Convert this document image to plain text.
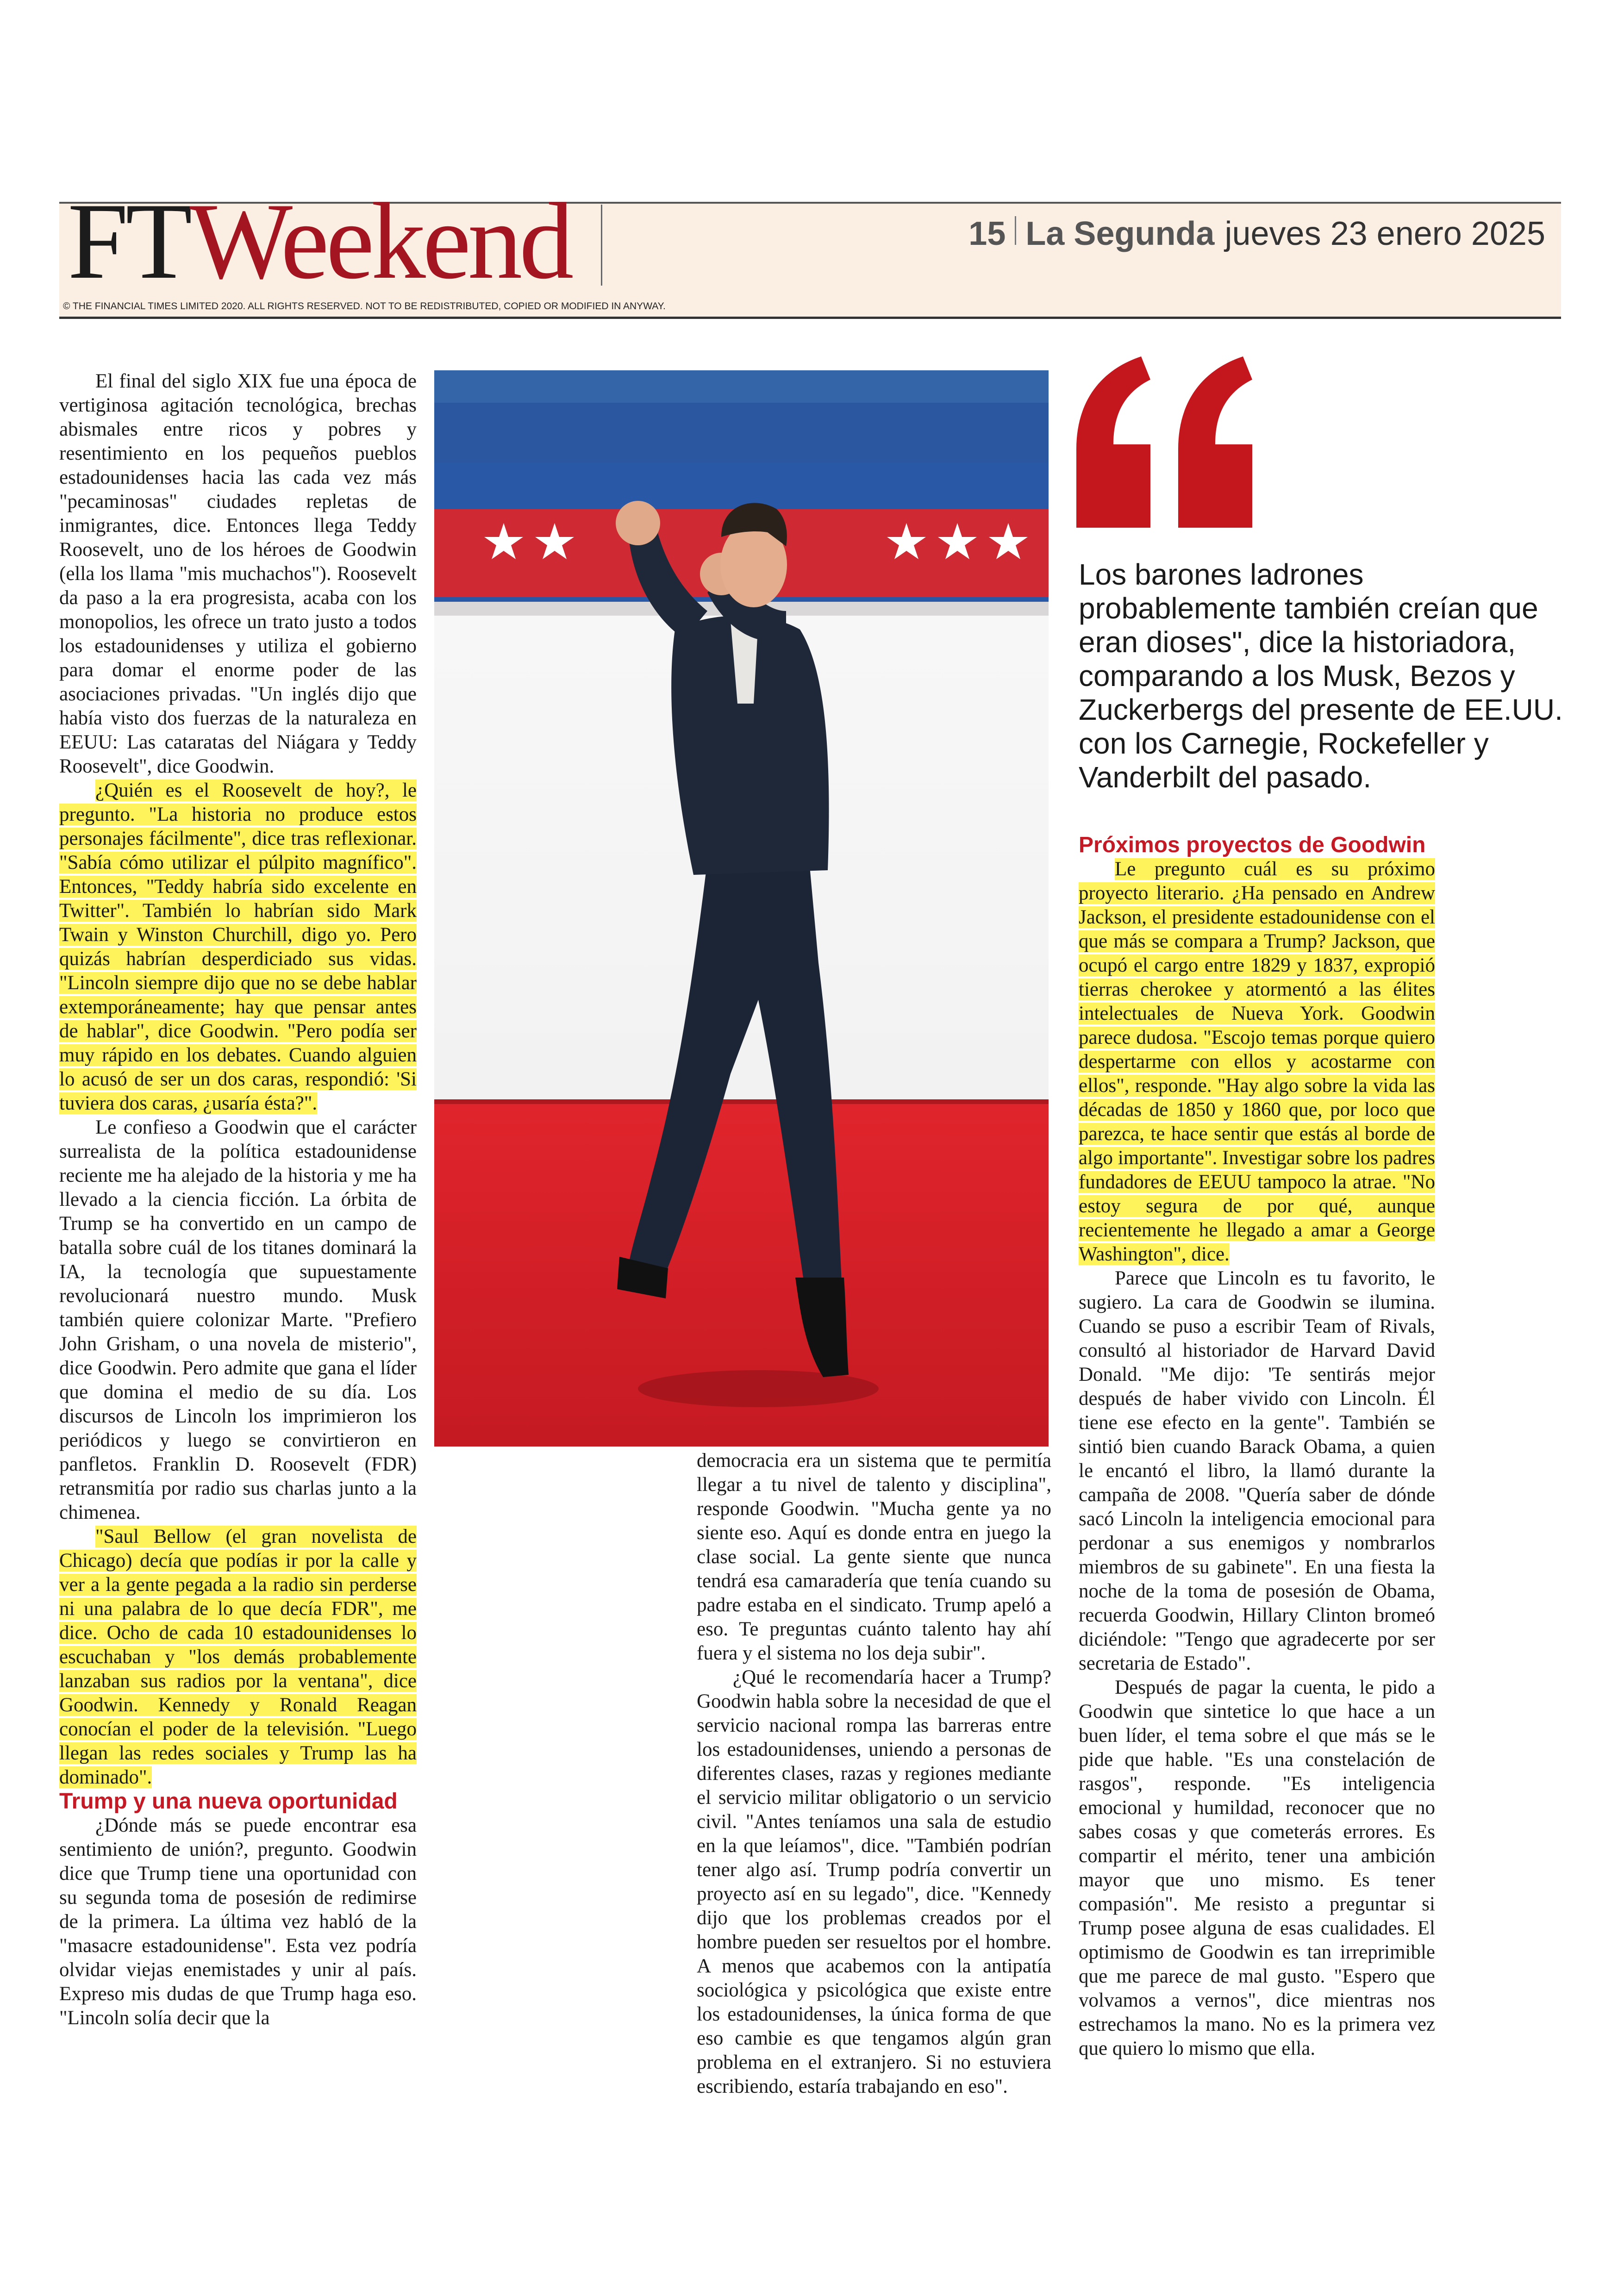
FT Weekend
© THE FINANCIAL TIMES LIMITED 2020. ALL RIGHTS RESERVED. NOT TO BE REDISTRIBUTED, COPIED OR MODIFIED IN ANYWAY.
15 La Segunda jueves 23 enero 2025

El final del siglo XIX fue una época de vertiginosa agitación tecnológica, brechas abismales entre ricos y pobres y resentimiento en los pequeños pueblos estadounidenses hacia las cada vez más "pecaminosas" ciudades repletas de inmigrantes, dice. Entonces llega Teddy Roosevelt, uno de los héroes de Goodwin (ella los llama "mis muchachos"). Roosevelt da paso a la era progresista, acaba con los monopolios, les ofrece un trato justo a todos los estadounidenses y utiliza el gobierno para domar el enorme poder de las asociaciones privadas. "Un inglés dijo que había visto dos fuerzas de la naturaleza en EEUU: Las cataratas del Niágara y Teddy Roosevelt", dice Goodwin.

¿Quién es el Roosevelt de hoy?, le pregunto. "La historia no produce estos personajes fácilmente", dice tras reflexionar. "Sabía cómo utilizar el púlpito magnífico". Entonces, "Teddy habría sido excelente en Twitter". También lo habrían sido Mark Twain y Winston Churchill, digo yo. Pero quizás habrían desperdiciado sus vidas. "Lincoln siempre dijo que no se debe hablar extemporáneamente; hay que pensar antes de hablar", dice Goodwin. "Pero podía ser muy rápido en los debates. Cuando alguien lo acusó de ser un dos caras, respondió: 'Si tuviera dos caras, ¿usaría ésta?".

Le confieso a Goodwin que el carácter surrealista de la política estadounidense reciente me ha alejado de la historia y me ha llevado a la ciencia ficción. La órbita de Trump se ha convertido en un campo de batalla sobre cuál de los titanes dominará la IA, la tecnología que supuestamente revolucionará nuestro mundo. Musk también quiere colonizar Marte. "Prefiero John Grisham, o una novela de misterio", dice Goodwin. Pero admite que gana el líder que domina el medio de su día. Los discursos de Lincoln los imprimieron los periódicos y luego se convirtieron en panfletos. Franklin D. Roosevelt (FDR) retransmitía por radio sus charlas junto a la chimenea.

"Saul Bellow (el gran novelista de Chicago) decía que podías ir por la calle y ver a la gente pegada a la radio sin perderse ni una palabra de lo que decía FDR", me dice. Ocho de cada 10 estadounidenses lo escuchaban y "los demás probablemente lanzaban sus radios por la ventana", dice Goodwin. Kennedy y Ronald Reagan conocían el poder de la televisión. "Luego llegan las redes sociales y Trump las ha dominado".

Trump y una nueva oportunidad

¿Dónde más se puede encontrar esa sentimiento de unión?, pregunto. Goodwin dice que Trump tiene una oportunidad con su segunda toma de posesión de redimirse de la primera. La última vez habló de la "masacre estadounidense". Esta vez podría olvidar viejas enemistades y unir al país. Expreso mis dudas de que Trump haga eso. "Lincoln solía decir que la

Los barones ladrones probablemente también creían que eran dioses", dice la historiadora, comparando a los Musk, Bezos y Zuckerbergs del presente de EE.UU. con los Carnegie, Rockefeller y Vanderbilt del pasado.

democracia era un sistema que te permitía llegar a tu nivel de talento y disciplina", responde Goodwin. "Mucha gente ya no siente eso. Aquí es donde entra en juego la clase social. La gente siente que nunca tendrá esa camaradería que tenía cuando su padre estaba en el sindicato. Trump apeló a eso. Te preguntas cuánto talento hay ahí fuera y el sistema no los deja subir".

¿Qué le recomendaría hacer a Trump? Goodwin habla sobre la necesidad de que el servicio nacional rompa las barreras entre los estadounidenses, uniendo a personas de diferentes clases, razas y regiones mediante el servicio militar obligatorio o un servicio civil. "Antes teníamos una sala de estudio en la que leíamos", dice. "También podrían tener algo así. Trump podría convertir un proyecto así en su legado", dice. "Kennedy dijo que los problemas creados por el hombre pueden ser resueltos por el hombre. A menos que acabemos con la antipatía sociológica y psicológica que existe entre los estadounidenses, la única forma de que eso cambie es que tengamos algún gran problema en el extranjero. Si no estuviera escribiendo, estaría trabajando en eso".

Próximos proyectos de Goodwin

Le pregunto cuál es su próximo proyecto literario. ¿Ha pensado en Andrew Jackson, el presidente estadounidense con el que más se compara a Trump? Jackson, que ocupó el cargo entre 1829 y 1837, expropió tierras cherokee y atormentó a las élites intelectuales de Nueva York. Goodwin parece dudosa. "Escojo temas porque quiero despertarme con ellos y acostarme con ellos", responde. "Hay algo sobre la vida las décadas de 1850 y 1860 que, por loco que parezca, te hace sentir que estás al borde de algo importante". Investigar sobre los padres fundadores de EEUU tampoco la atrae. "No estoy segura de por qué, aunque recientemente he llegado a amar a George Washington", dice.

Parece que Lincoln es tu favorito, le sugiero. La cara de Goodwin se ilumina. Cuando se puso a escribir Team of Rivals, consultó al historiador de Harvard David Donald. "Me dijo: 'Te sentirás mejor después de haber vivido con Lincoln. Él tiene ese efecto en la gente". También se sintió bien cuando Barack Obama, a quien le encantó el libro, la llamó durante la campaña de 2008. "Quería saber de dónde sacó Lincoln la inteligencia emocional para perdonar a sus enemigos y nombrarlos miembros de su gabinete". En una fiesta la noche de la toma de posesión de Obama, recuerda Goodwin, Hillary Clinton bromeó diciéndole: "Tengo que agradecerte por ser secretaria de Estado".

Después de pagar la cuenta, le pido a Goodwin que sintetice lo que hace a un buen líder, el tema sobre el que más se le pide que hable. "Es una constelación de rasgos", responde. "Es inteligencia emocional y humildad, reconocer que no sabes cosas y que cometerás errores. Es compartir el mérito, tener una ambición mayor que uno mismo. Es tener compasión". Me resisto a preguntar si Trump posee alguna de esas cualidades. El optimismo de Goodwin es tan irreprimible que me parece de mal gusto. "Espero que volvamos a vernos", dice mientras nos estrechamos la mano. No es la primera vez que quiero lo mismo que ella.
